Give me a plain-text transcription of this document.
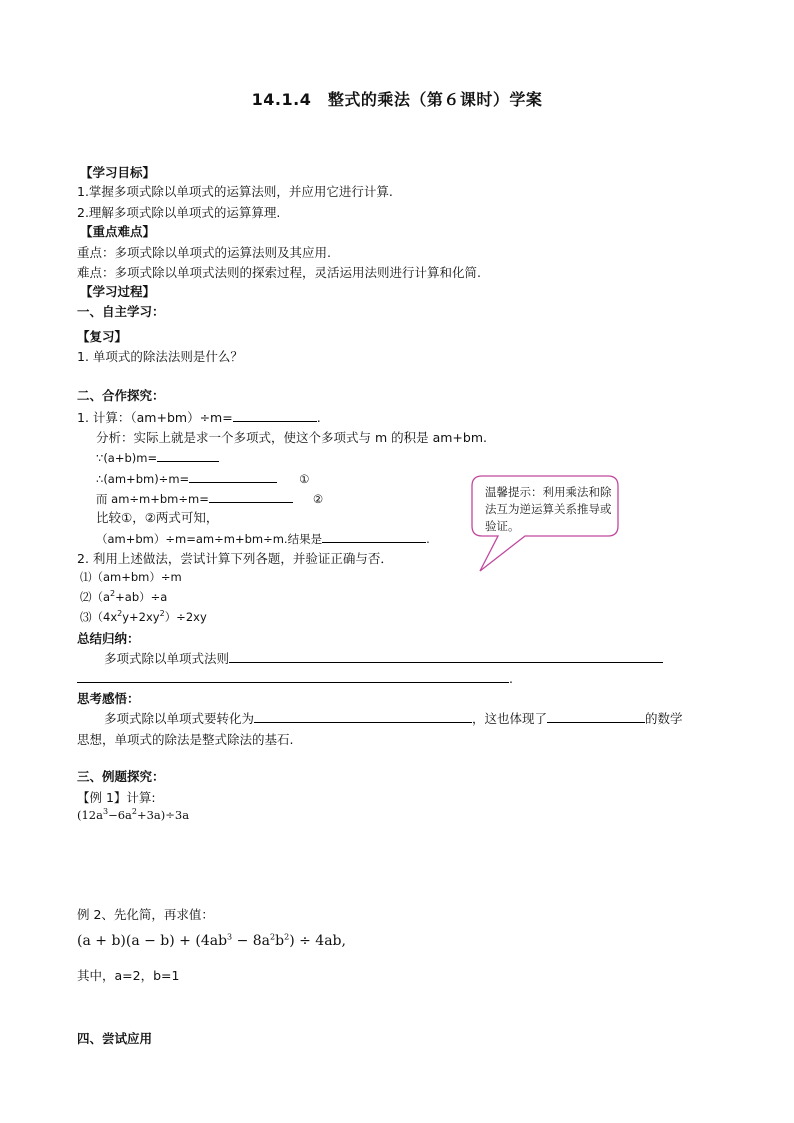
14.1.4　整式的乘法（第６课时）学案
【学习目标】
1.掌握多项式除以单项式的运算法则，并应用它进行计算.
2.理解多项式除以单项式的运算算理.
【重点难点】
重点：多项式除以单项式的运算法则及其应用.
难点：多项式除以单项式法则的探索过程，灵活运用法则进行计算和化简.
【学习过程】
一、自主学习：
【复习】
1. 单项式的除法法则是什么？
二、合作探究：
1. 计算：（am+bm）÷m=	.
分析：实际上就是求一个多项式，使这个多项式与 m 的积是 am+bm.
∵(a+b)m=
∴(am+bm)÷m=	①
而 am÷m+bm÷m=	②
比较①，②两式可知，
（am+bm）÷m=am÷m+bm÷m.结果是	.
2. 利用上述做法，尝试计算下列各题，并验证正确与否．
⑴（am+bm）÷m
$⑵(a^2+ab)\div a$
$⑶(4x^2y+2xy^2)\div 2xy$
温馨提示：利用乘法和除法互为逆运算关系推导或验证。
总结归纳：
多项式除以单项式法则
.
思考感悟：
多项式除以单项式要转化为	，这也体现了	的数学
思想，单项式的除法是整式除法的基石.
三、例题探究：
【例 1】计算:
$(12a^3-6a^2+3a)\div 3a$
例 2、先化简，再求值：
$(a + b)(a - b) + (4ab^3 - 8a^2b^2) \div 4ab$,
其中，a=2，b=1
四、尝试应用
